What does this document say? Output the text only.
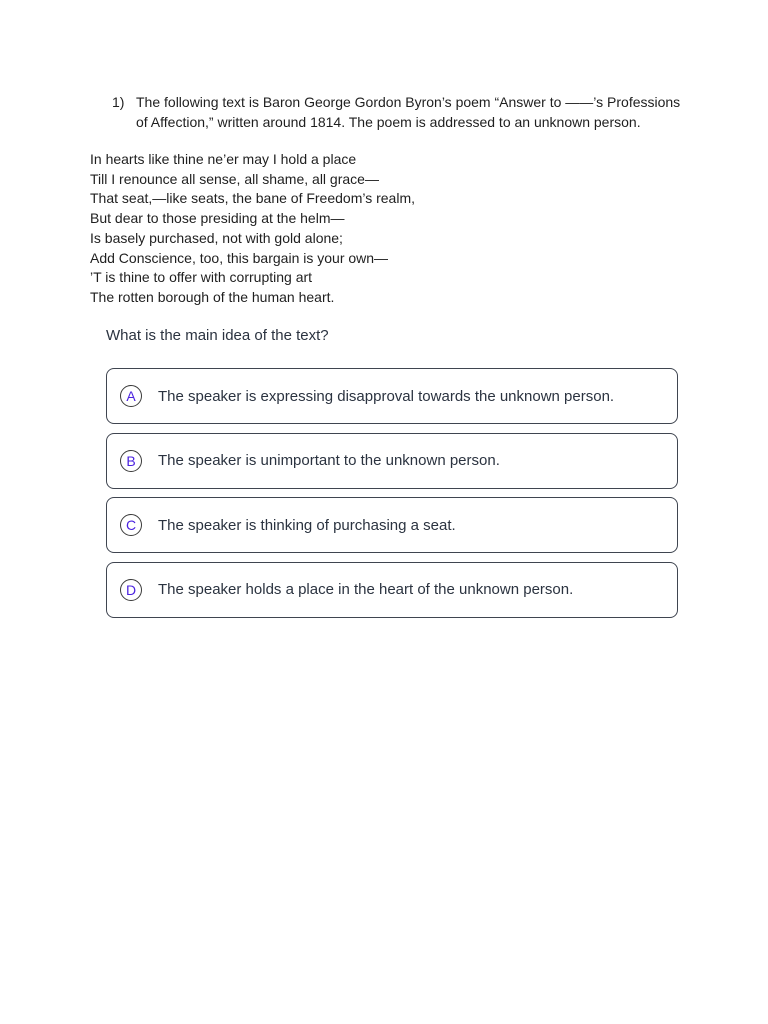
1) The following text is Baron George Gordon Byron’s poem “Answer to ——’s Professions of Affection,” written around 1814. The poem is addressed to an unknown person.
In hearts like thine ne’er may I hold a place
Till I renounce all sense, all shame, all grace—
That seat,—like seats, the bane of Freedom’s realm,
But dear to those presiding at the helm—
Is basely purchased, not with gold alone;
Add Conscience, too, this bargain is your own—
’T is thine to offer with corrupting art
The rotten borough of the human heart.
What is the main idea of the text?
A	The speaker is expressing disapproval towards the unknown person.
B	The speaker is unimportant to the unknown person.
C	The speaker is thinking of purchasing a seat.
D	The speaker holds a place in the heart of the unknown person.
